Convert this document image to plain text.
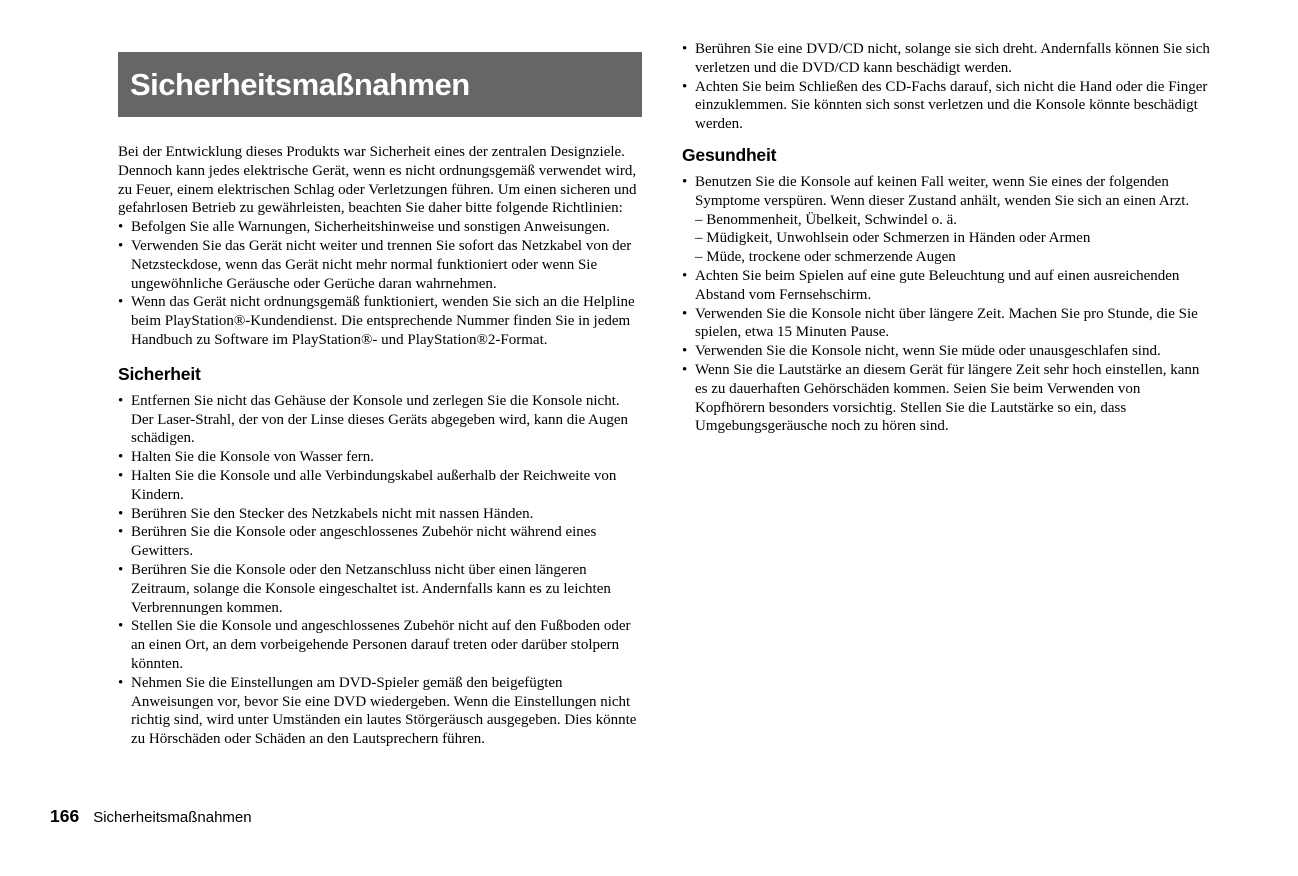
Sicherheitsmaßnahmen

Bei der Entwicklung dieses Produkts war Sicherheit eines der zentralen Designziele. Dennoch kann jedes elektrische Gerät, wenn es nicht ordnungsgemäß verwendet wird, zu Feuer, einem elektrischen Schlag oder Verletzungen führen. Um einen sicheren und gefahrlosen Betrieb zu gewährleisten, beachten Sie daher bitte folgende Richtlinien:

• Befolgen Sie alle Warnungen, Sicherheitshinweise und sonstigen Anweisungen.
• Verwenden Sie das Gerät nicht weiter und trennen Sie sofort das Netzkabel von der Netzsteckdose, wenn das Gerät nicht mehr normal funktioniert oder wenn Sie ungewöhnliche Geräusche oder Gerüche daran wahrnehmen.
• Wenn das Gerät nicht ordnungsgemäß funktioniert, wenden Sie sich an die Helpline beim PlayStation®-Kundendienst. Die entsprechende Nummer finden Sie in jedem Handbuch zu Software im PlayStation®- und PlayStation®2-Format.
Sicherheit
• Entfernen Sie nicht das Gehäuse der Konsole und zerlegen Sie die Konsole nicht. Der Laser-Strahl, der von der Linse dieses Geräts abgegeben wird, kann die Augen schädigen.
• Halten Sie die Konsole von Wasser fern.
• Halten Sie die Konsole und alle Verbindungskabel außerhalb der Reichweite von Kindern.
• Berühren Sie den Stecker des Netzkabels nicht mit nassen Händen.
• Berühren Sie die Konsole oder angeschlossenes Zubehör nicht während eines Gewitters.
• Berühren Sie die Konsole oder den Netzanschluss nicht über einen längeren Zeitraum, solange die Konsole eingeschaltet ist. Andernfalls kann es zu leichten Verbrennungen kommen.
• Stellen Sie die Konsole und angeschlossenes Zubehör nicht auf den Fußboden oder an einen Ort, an dem vorbeigehende Personen darauf treten oder darüber stolpern könnten.
• Nehmen Sie die Einstellungen am DVD-Spieler gemäß den beigefügten Anweisungen vor, bevor Sie eine DVD wiedergeben. Wenn die Einstellungen nicht richtig sind, wird unter Umständen ein lautes Störgeräusch ausgegeben. Dies könnte zu Hörschäden oder Schäden an den Lautsprechern führen.
• Berühren Sie eine DVD/CD nicht, solange sie sich dreht. Andernfalls können Sie sich verletzen und die DVD/CD kann beschädigt werden.
• Achten Sie beim Schließen des CD-Fachs darauf, sich nicht die Hand oder die Finger einzuklemmen. Sie könnten sich sonst verletzen und die Konsole könnte beschädigt werden.
Gesundheit
• Benutzen Sie die Konsole auf keinen Fall weiter, wenn Sie eines der folgenden Symptome verspüren. Wenn dieser Zustand anhält, wenden Sie sich an einen Arzt.
– Benommenheit, Übelkeit, Schwindel o. ä.
– Müdigkeit, Unwohlsein oder Schmerzen in Händen oder Armen
– Müde, trockene oder schmerzende Augen
• Achten Sie beim Spielen auf eine gute Beleuchtung und auf einen ausreichenden Abstand vom Fernsehschirm.
• Verwenden Sie die Konsole nicht über längere Zeit. Machen Sie pro Stunde, die Sie spielen, etwa 15 Minuten Pause.
• Verwenden Sie die Konsole nicht, wenn Sie müde oder unausgeschlafen sind.
• Wenn Sie die Lautstärke an diesem Gerät für längere Zeit sehr hoch einstellen, kann es zu dauerhaften Gehörschäden kommen. Seien Sie beim Verwenden von Kopfhörern besonders vorsichtig. Stellen Sie die Lautstärke so ein, dass Umgebungsgeräusche noch zu hören sind.
166 Sicherheitsmaßnahmen
